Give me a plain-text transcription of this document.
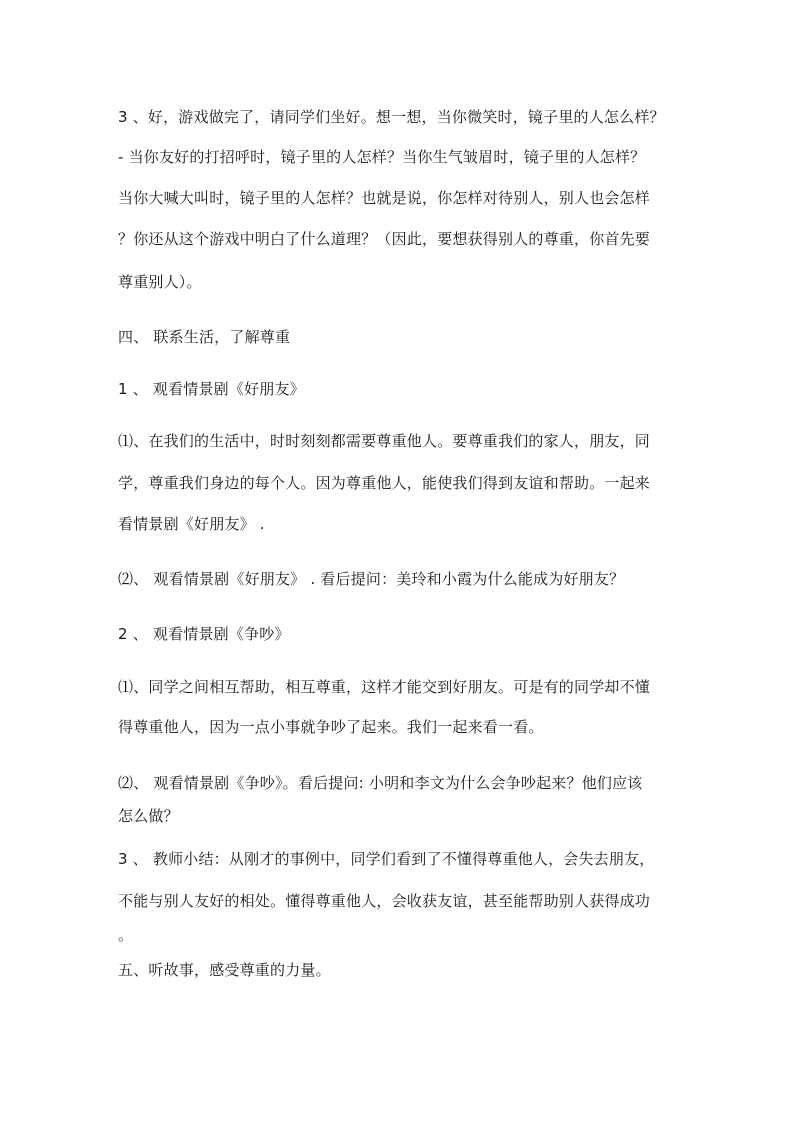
3 、好，游戏做完了，请同学们坐好。想一想，当你微笑时，镜子里的人怎么样？
- 当你友好的打招呼时，镜子里的人怎样？当你生气皱眉时，镜子里的人怎样？
当你大喊大叫时，镜子里的人怎样？也就是说，你怎样对待别人，别人也会怎样
？你还从这个游戏中明白了什么道理？（因此，要想获得别人的尊重，你首先要
尊重别人）。
四、 联系生活，了解尊重
1 、 观看情景剧《好朋友》
⑴、在我们的生活中，时时刻刻都需要尊重他人。要尊重我们的家人，朋友，同
学，尊重我们身边的每个人。因为尊重他人，能使我们得到友谊和帮助。一起来
看情景剧《好朋友》 .
⑵、 观看情景剧《好朋友》 . 看后提问：美玲和小霞为什么能成为好朋友？
2 、 观看情景剧《争吵》
⑴、同学之间相互帮助，相互尊重，这样才能交到好朋友。可是有的同学却不懂
得尊重他人，因为一点小事就争吵了起来。我们一起来看一看。
⑵、 观看情景剧《争吵》。看后提问: 小明和李文为什么会争吵起来？他们应该
怎么做？
3 、 教师小结：从刚才的事例中，同学们看到了不懂得尊重他人，会失去朋友，
不能与别人友好的相处。懂得尊重他人，会收获友谊，甚至能帮助别人获得成功
。
五、听故事，感受尊重的力量。
